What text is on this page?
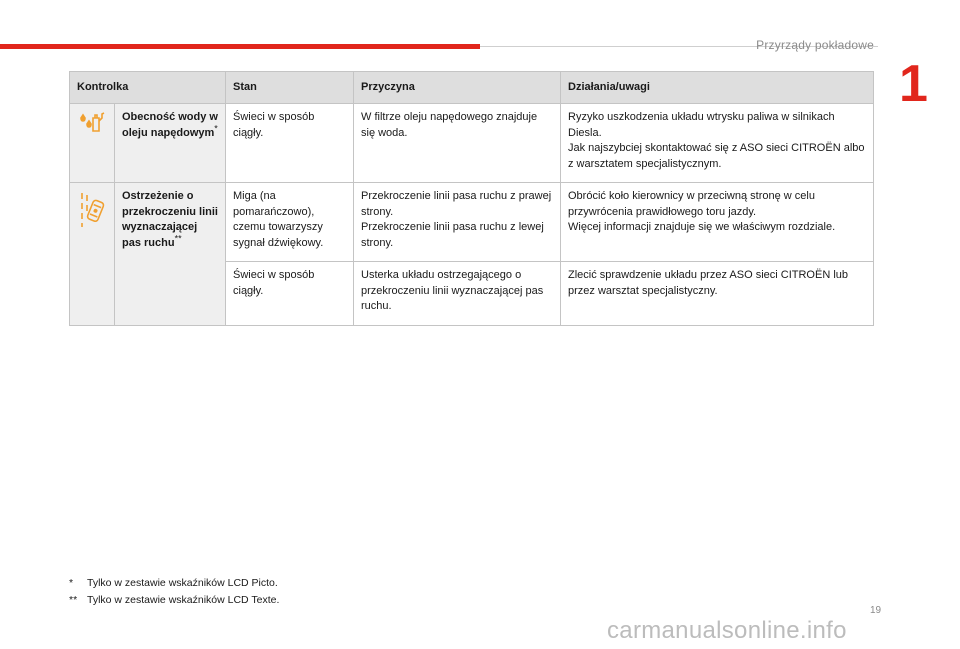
Przyrządy pokładowe
1
Kontrolka		Stan	Przyczyna	Działania/uwagi
	Obecność wody w oleju napędowym*	Świeci w sposób ciągły.	W filtrze oleju napędowego znajduje się woda.	Ryzyko uszkodzenia układu wtrysku paliwa w silnikach Diesla.
Jak najszybciej skontaktować się z ASO sieci CITROËN albo z warsztatem specjalistycznym.

	Ostrzeżenie o przekroczeniu linii wyznaczającej pas ruchu**	Miga (na pomarańczowo), czemu towarzyszy sygnał dźwiękowy.	Przekroczenie linii pasa ruchu z prawej strony.
Przekroczenie linii pasa ruchu z lewej strony.	Obrócić koło kierownicy w przeciwną stronę w celu przywrócenia prawidłowego toru jazdy.
Więcej informacji znajduje się we właściwym rozdziale.

		Świeci w sposób ciągły.	Usterka układu ostrzegającego o przekroczeniu linii wyznaczającej pas ruchu.	Zlecić sprawdzenie układu przez ASO sieci CITROËN lub przez warsztat specjalistyczny.
*	Tylko w zestawie wskaźników LCD Picto.
** Tylko w zestawie wskaźników LCD Texte.
19
carmanualsonline.info
